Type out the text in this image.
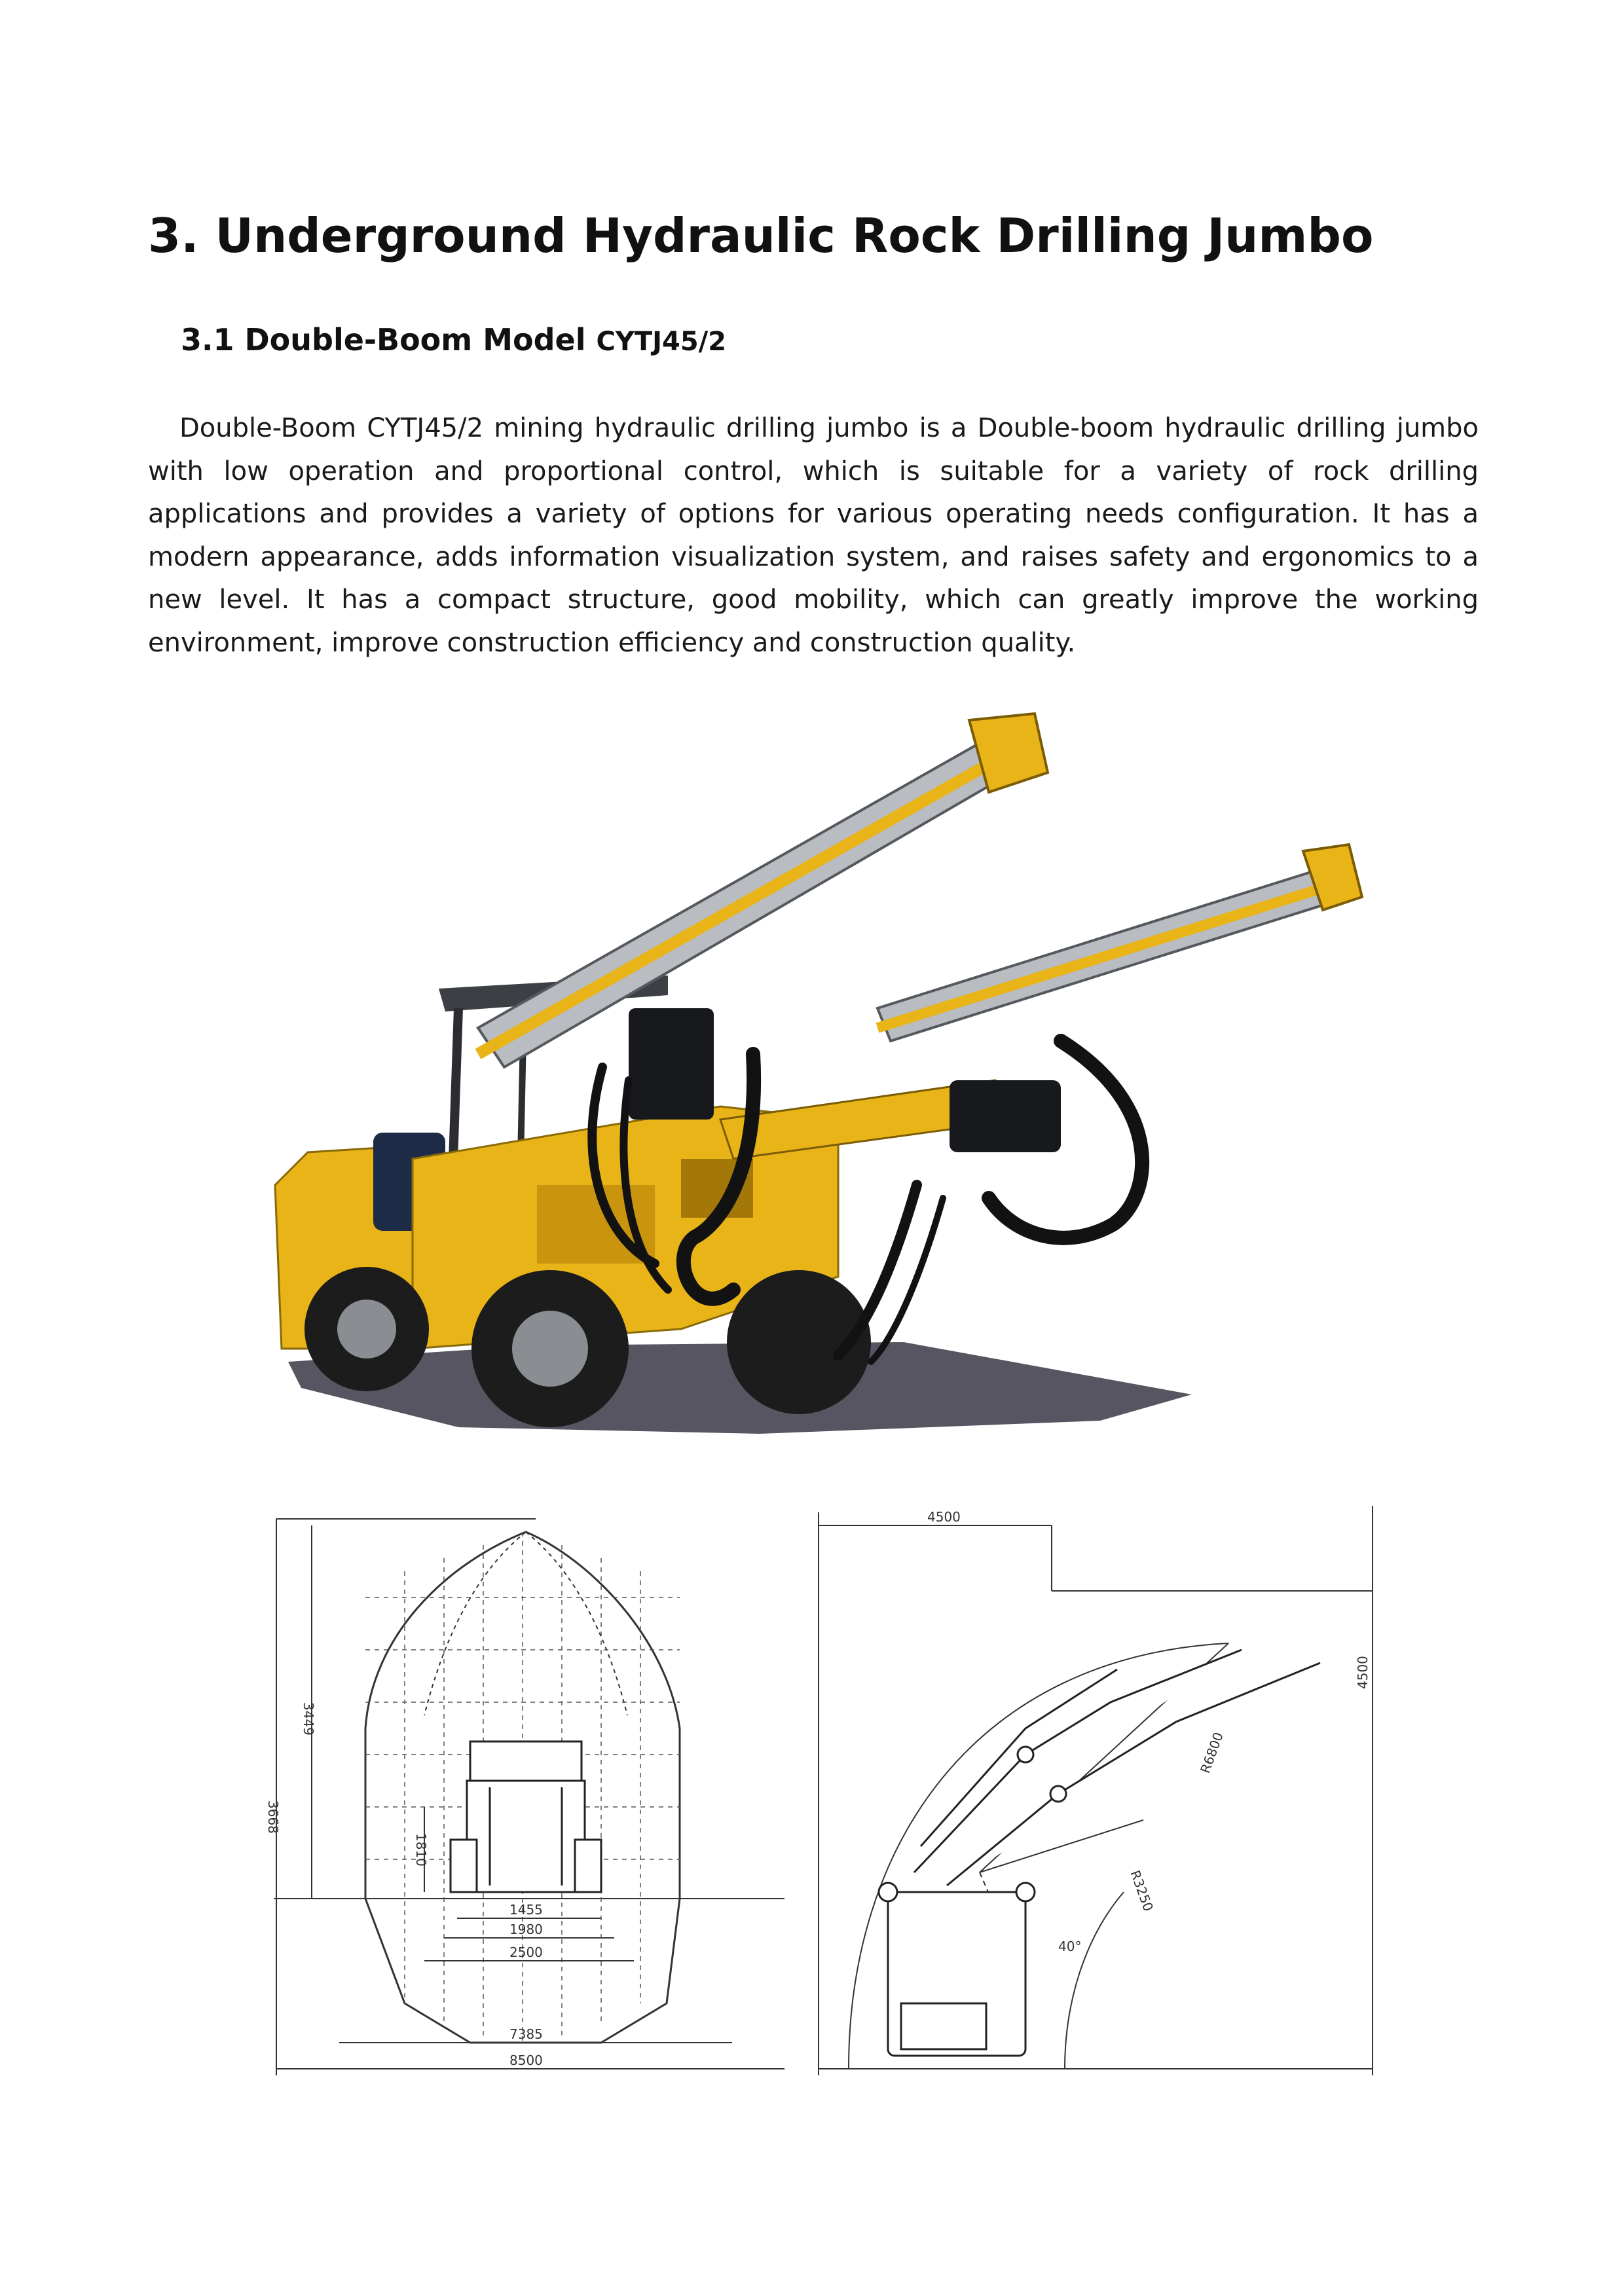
3. Underground Hydraulic Rock Drilling Jumbo
3.1 Double-Boom Model CYTJ45/2

Double-Boom CYTJ45/2 mining hydraulic drilling jumbo is a Double-boom hydraulic drilling jumbo with low operation and proportional control, which is suitable for a variety of rock drilling applications and provides a variety of options for various operating needs configuration. It has a modern appearance, adds information visualization system, and raises safety and ergonomics to a new level. It has a compact structure, good mobility, which can greatly improve the working environment, improve construction efficiency and construction quality.

3668
3449
1810
1455
1980
2500
7385
8500
4500
4500
R6800
R3250
40°
